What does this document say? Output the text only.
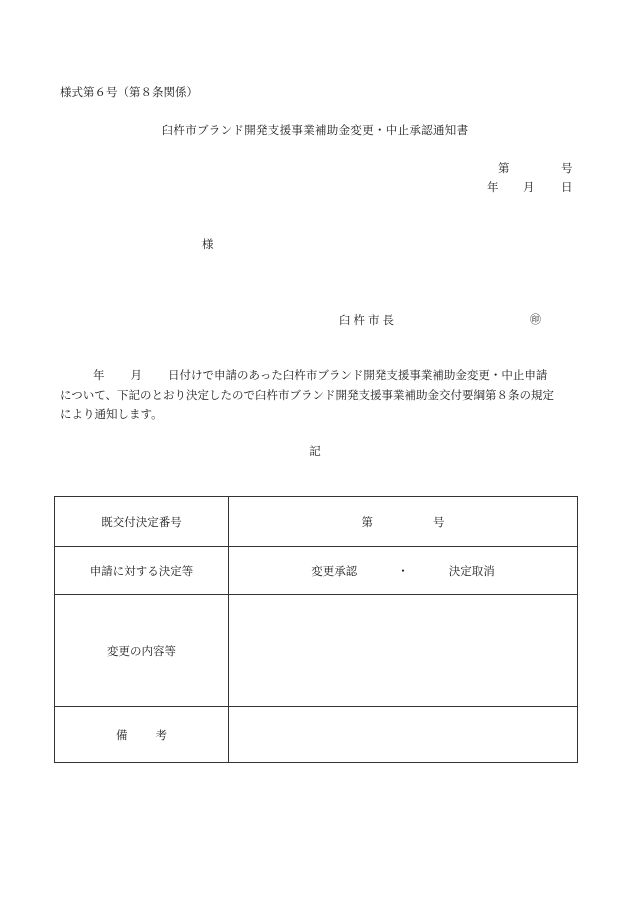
様式第６号（第８条関係）
臼杵市ブランド開発支援事業補助金変更・中止承認通知書
第	号
年 月 日
様
臼杵市長	㊞
年 月 日付けで申請のあった臼杵市ブランド開発支援事業補助金変更・中止申請
について、下記のとおり決定したので臼杵市ブランド開発支援事業補助金交付要綱第８条の規定
により通知します。
記
既交付決定番号	第 号
申請に対する決定等	変更承認 ・ 決定取消
変更の内容等	
備 考	
